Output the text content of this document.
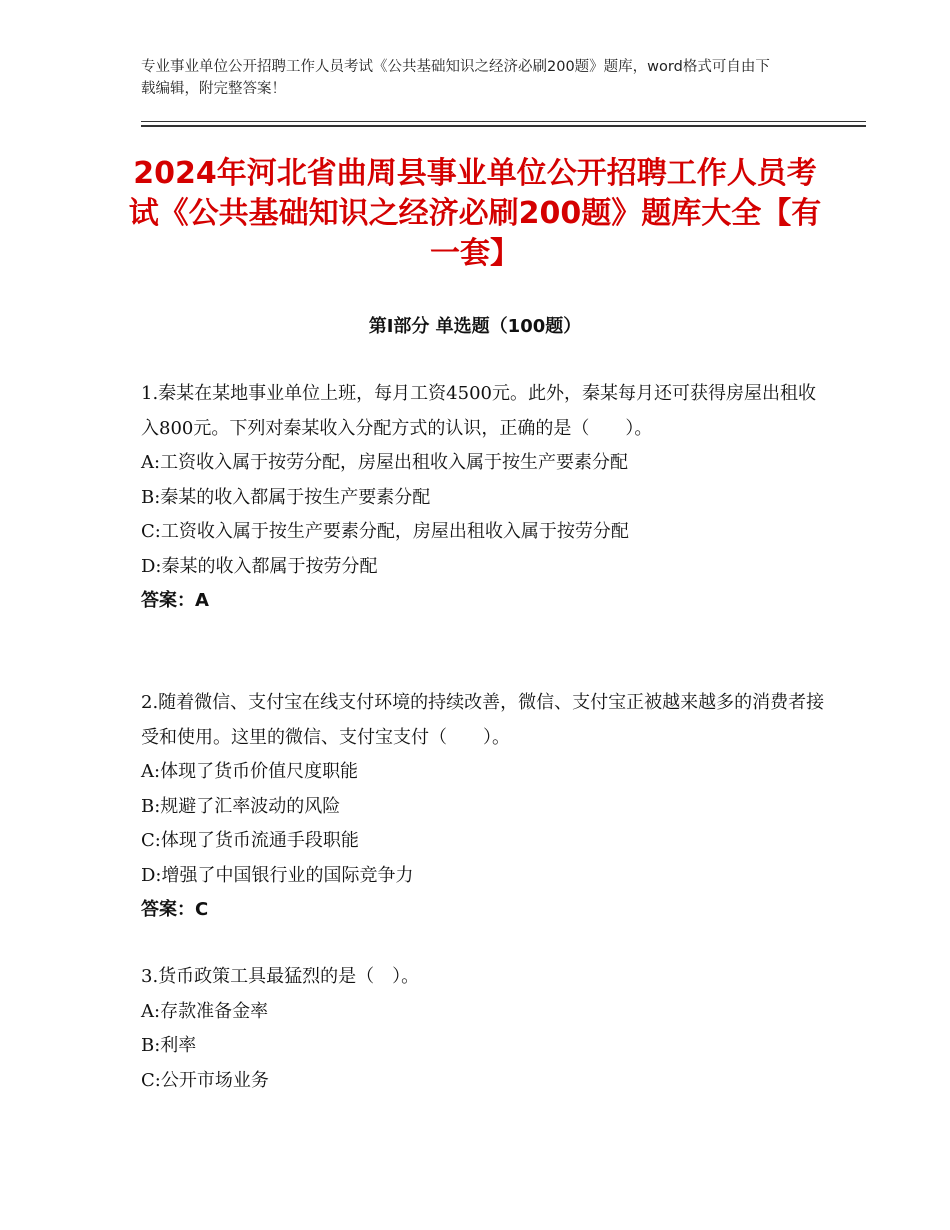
专业事业单位公开招聘工作人员考试《公共基础知识之经济必刷200题》题库，word格式可自由下载编辑，附完整答案！
2024年河北省曲周县事业单位公开招聘工作人员考试《公共基础知识之经济必刷200题》题库大全【有一套】
第Ⅰ部分 单选题（100题）
1.秦某在某地事业单位上班，每月工资4500元。此外，秦某每月还可获得房屋出租收入800元。下列对秦某收入分配方式的认识，正确的是（　　）。
A:工资收入属于按劳分配，房屋出租收入属于按生产要素分配
B:秦某的收入都属于按生产要素分配
C:工资收入属于按生产要素分配，房屋出租收入属于按劳分配
D:秦某的收入都属于按劳分配
答案：A
2.随着微信、支付宝在线支付环境的持续改善，微信、支付宝正被越来越多的消费者接受和使用。这里的微信、支付宝支付（　　）。
A:体现了货币价值尺度职能
B:规避了汇率波动的风险
C:体现了货币流通手段职能
D:增强了中国银行业的国际竞争力
答案：C
3.货币政策工具最猛烈的是（　）。
A:存款准备金率
B:利率
C:公开市场业务
